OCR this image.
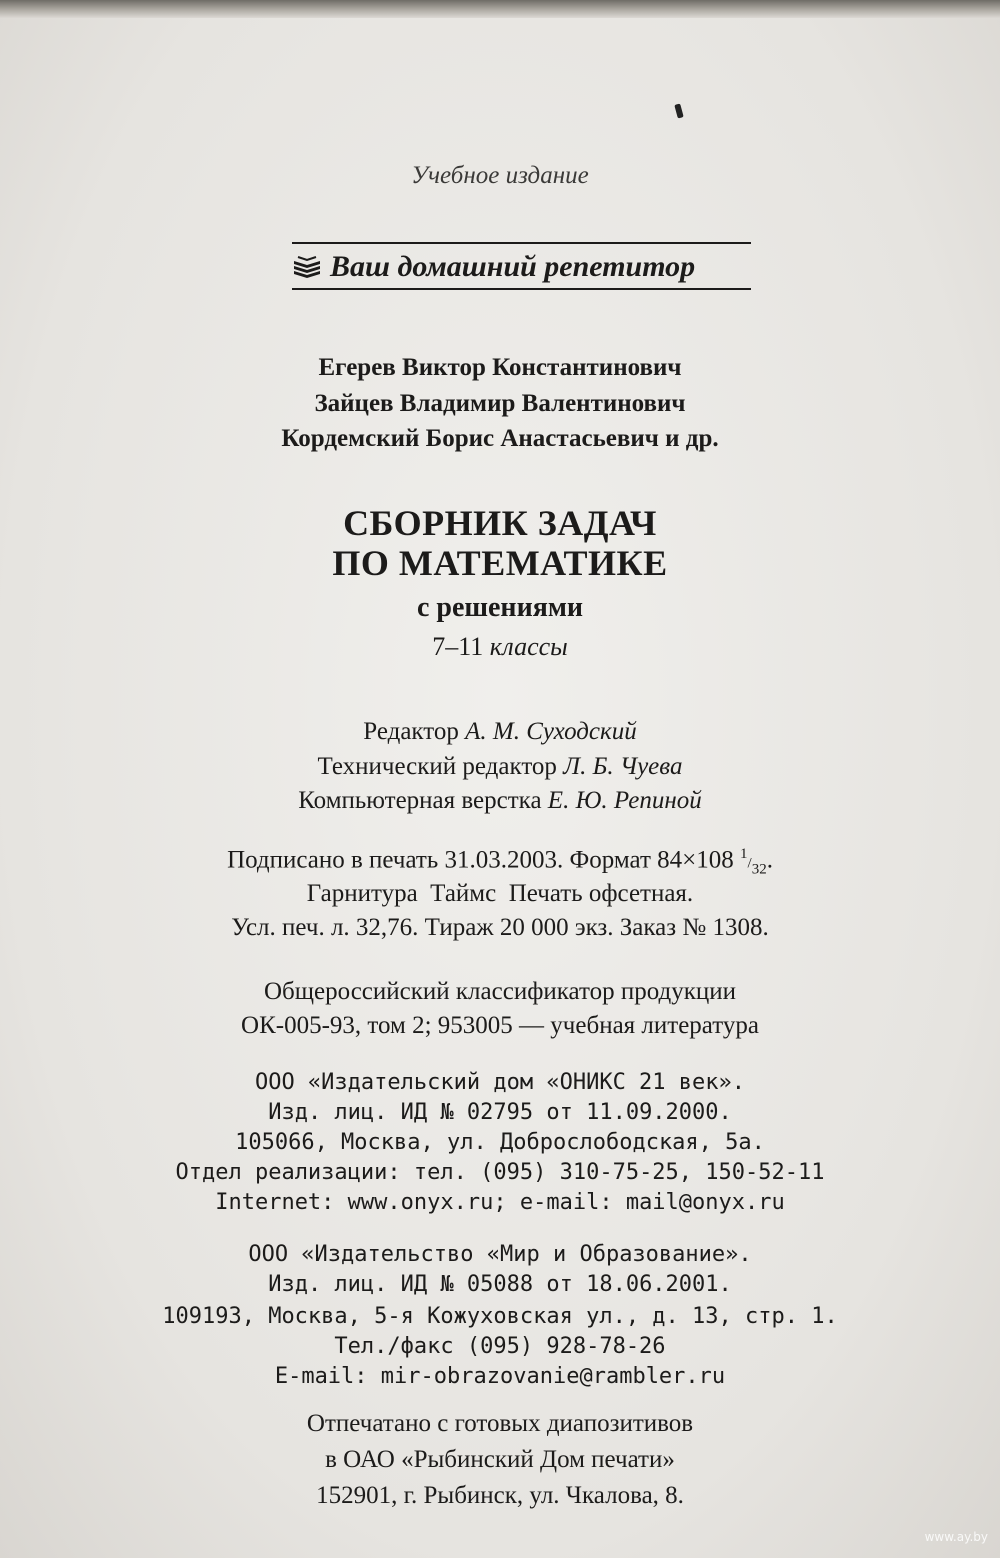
Учебное издание
Ваш домашний репетитор
Егерев Виктор Константинович
Зайцев Владимир Валентинович
Кордемский Борис Анастасьевич и др.
СБОРНИК ЗАДАЧ
ПО МАТЕМАТИКЕ
с решениями
7–11 классы
Редактор А. М. Суходский
Технический редактор Л. Б. Чуева
Компьютерная верстка Е. Ю. Репиной
Подписано в печать 31.03.2003. Формат 84×108 $^1/_{32}$.
Гарнитура  Таймс  Печать офсетная.
Усл. печ. л. 32,76. Тираж 20 000 экз. Заказ № 1308.
Общероссийский классификатор продукции
ОК-005-93, том 2; 953005 — учебная литература
ООО «Издательский дом «ОНИКС 21 век».
Изд. лиц. ИД № 02795 от 11.09.2000.
105066, Москва, ул. Доброслободская, 5а.
Отдел реализации: тел. (095) 310-75-25, 150-52-11
Internet: www.onyx.ru; e-mail: mail@onyx.ru
ООО «Издательство «Мир и Образование».
Изд. лиц. ИД № 05088 от 18.06.2001.
109193, Москва, 5-я Кожуховская ул., д. 13, стр. 1.
Тел./факс (095) 928-78-26
E-mail: mir-obrazovanie@rambler.ru
Отпечатано с готовых диапозитивов
в ОАО «Рыбинский Дом печати»
152901, г. Рыбинск, ул. Чкалова, 8.
www.ay.by
